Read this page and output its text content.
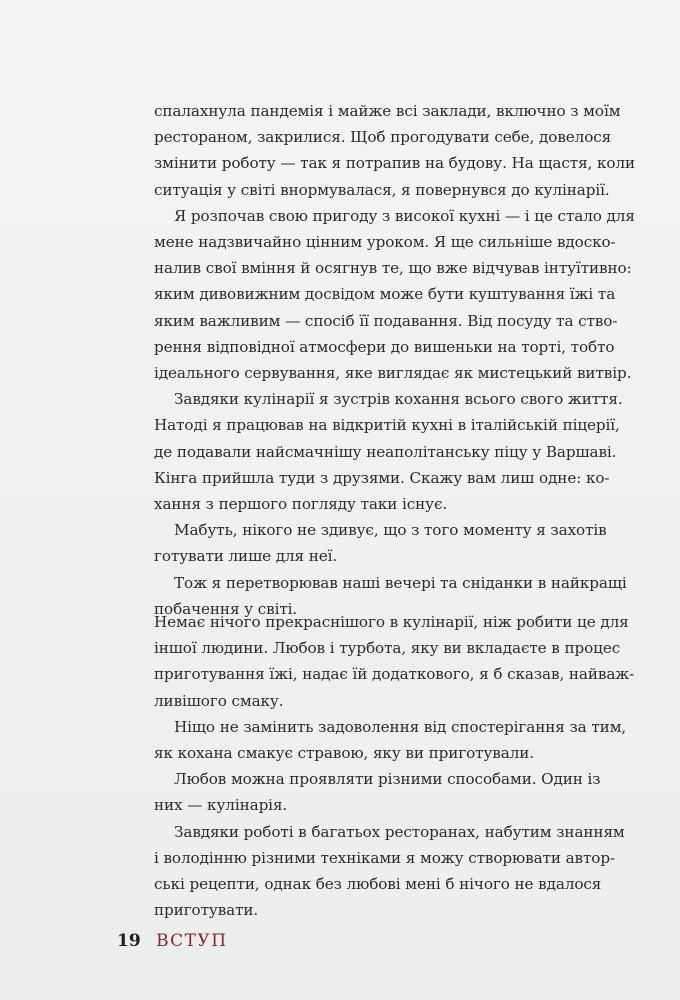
спалахнула пандемія і майже всі заклади, включно з моїм
рестораном, закрилися. Щоб прогодувати себе, довелося
змінити роботу — так я потрапив на будову. На щастя, коли
ситуація у світі внормувалася, я повернувся до кулінарії.
Я розпочав свою пригоду з високої кухні — і це стало для
мене надзвичайно цінним уроком. Я ще сильніше вдоско-
налив свої вміння й осягнув те, що вже відчував інтуїтивно:
яким дивовижним досвідом може бути куштування їжі та
яким важливим — спосіб її подавання. Від посуду та ство-
рення відповідної атмосфери до вишеньки на торті, тобто
ідеального сервування, яке виглядає як мистецький витвір.
Завдяки кулінарії я зустрів кохання всього свого життя.
Натоді я працював на відкритій кухні в італійській піцерії,
де подавали найсмачнішу неаполітанську піцу у Варшаві.
Кінга прийшла туди з друзями. Скажу вам лиш одне: ко-
хання з першого погляду таки існує.
Мабуть, нікого не здивує, що з того моменту я захотів
готувати лише для неї.
Тож я перетворював наші вечері та сніданки в найкращі
побачення у світі.
Немає нічого прекраснішого в кулінарії, ніж робити це для
іншої людини. Любов і турбота, яку ви вкладаєте в процес
приготування їжі, надає їй додаткового, я б сказав, найваж-
ливішого смаку.
Ніщо не замінить задоволення від спостерігання за тим,
як кохана смакує стравою, яку ви приготували.
Любов можна проявляти різними способами. Один із
них — кулінарія.
Завдяки роботі в багатьох ресторанах, набутим знанням
і володінню різними техніками я можу створювати автор-
ські рецепти, однак без любові мені б нічого не вдалося
приготувати.
19 ВСТУП
